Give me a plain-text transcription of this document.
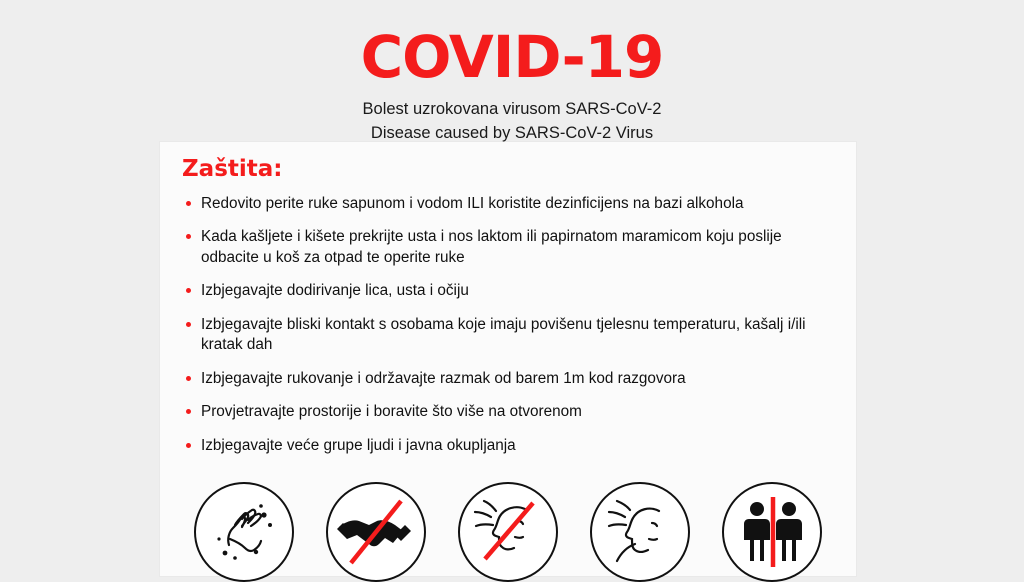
COVID-19
Bolest uzrokovana virusom SARS-CoV-2
Disease caused by SARS-CoV-2 Virus
Zaštita:
Redovito perite ruke sapunom i vodom ILI koristite dezinficijens na bazi alkohola
Kada kašljete i kišete prekrijte usta i nos laktom ili papirnatom maramicom koju poslije odbacite u koš za otpad te operite ruke
Izbjegavajte dodirivanje lica, usta i očiju
Izbjegavajte bliski kontakt s osobama koje imaju povišenu tjelesnu temperaturu, kašalj i/ili kratak dah
Izbjegavajte rukovanje i održavajte razmak od barem 1m kod razgovora
Provjetravajte prostorije i boravite što više na otvorenom
Izbjegavajte veće grupe ljudi i javna okupljanja
